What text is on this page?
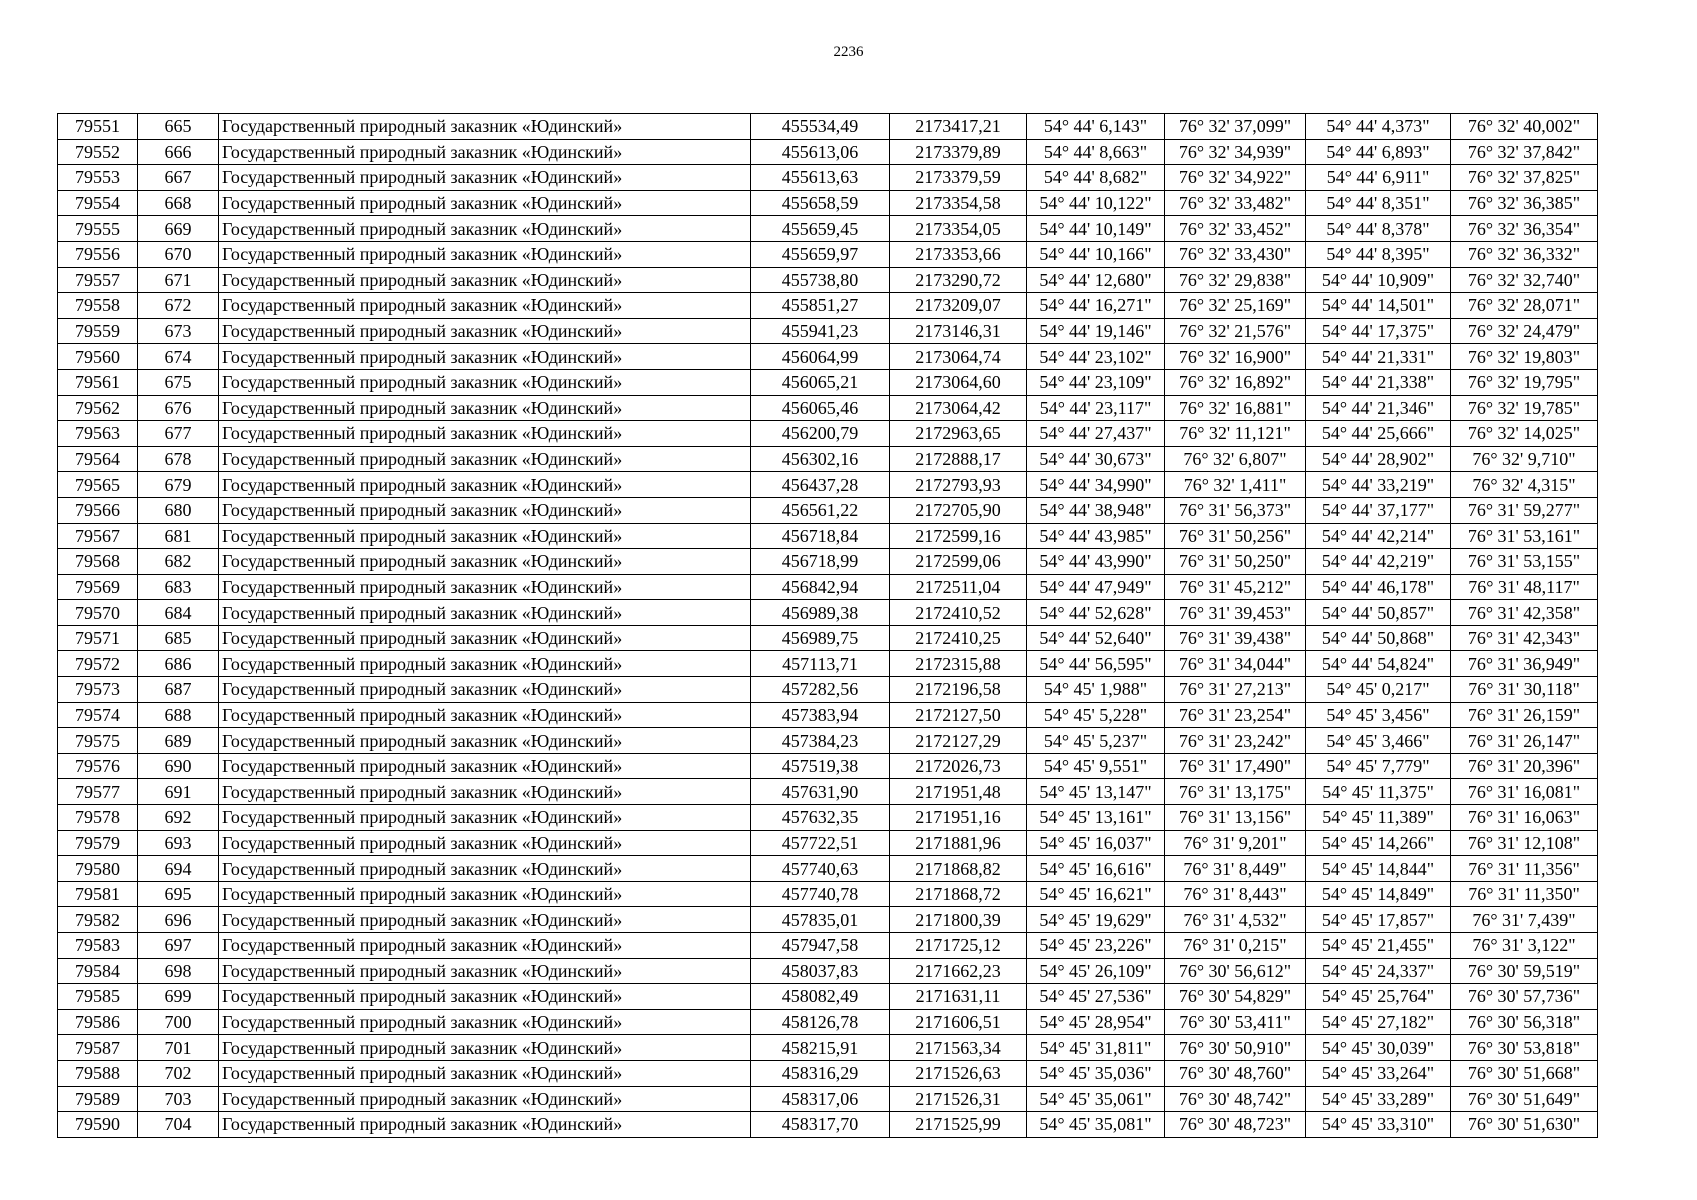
2236
79551	665	Государственный природный заказник «Юдинский»	455534,49	2173417,21	54° 44' 6,143"	76° 32' 37,099"	54° 44' 4,373"	76° 32' 40,002"
79552	666	Государственный природный заказник «Юдинский»	455613,06	2173379,89	54° 44' 8,663"	76° 32' 34,939"	54° 44' 6,893"	76° 32' 37,842"
79553	667	Государственный природный заказник «Юдинский»	455613,63	2173379,59	54° 44' 8,682"	76° 32' 34,922"	54° 44' 6,911"	76° 32' 37,825"
79554	668	Государственный природный заказник «Юдинский»	455658,59	2173354,58	54° 44' 10,122"	76° 32' 33,482"	54° 44' 8,351"	76° 32' 36,385"
79555	669	Государственный природный заказник «Юдинский»	455659,45	2173354,05	54° 44' 10,149"	76° 32' 33,452"	54° 44' 8,378"	76° 32' 36,354"
79556	670	Государственный природный заказник «Юдинский»	455659,97	2173353,66	54° 44' 10,166"	76° 32' 33,430"	54° 44' 8,395"	76° 32' 36,332"
79557	671	Государственный природный заказник «Юдинский»	455738,80	2173290,72	54° 44' 12,680"	76° 32' 29,838"	54° 44' 10,909"	76° 32' 32,740"
79558	672	Государственный природный заказник «Юдинский»	455851,27	2173209,07	54° 44' 16,271"	76° 32' 25,169"	54° 44' 14,501"	76° 32' 28,071"
79559	673	Государственный природный заказник «Юдинский»	455941,23	2173146,31	54° 44' 19,146"	76° 32' 21,576"	54° 44' 17,375"	76° 32' 24,479"
79560	674	Государственный природный заказник «Юдинский»	456064,99	2173064,74	54° 44' 23,102"	76° 32' 16,900"	54° 44' 21,331"	76° 32' 19,803"
79561	675	Государственный природный заказник «Юдинский»	456065,21	2173064,60	54° 44' 23,109"	76° 32' 16,892"	54° 44' 21,338"	76° 32' 19,795"
79562	676	Государственный природный заказник «Юдинский»	456065,46	2173064,42	54° 44' 23,117"	76° 32' 16,881"	54° 44' 21,346"	76° 32' 19,785"
79563	677	Государственный природный заказник «Юдинский»	456200,79	2172963,65	54° 44' 27,437"	76° 32' 11,121"	54° 44' 25,666"	76° 32' 14,025"
79564	678	Государственный природный заказник «Юдинский»	456302,16	2172888,17	54° 44' 30,673"	76° 32' 6,807"	54° 44' 28,902"	76° 32' 9,710"
79565	679	Государственный природный заказник «Юдинский»	456437,28	2172793,93	54° 44' 34,990"	76° 32' 1,411"	54° 44' 33,219"	76° 32' 4,315"
79566	680	Государственный природный заказник «Юдинский»	456561,22	2172705,90	54° 44' 38,948"	76° 31' 56,373"	54° 44' 37,177"	76° 31' 59,277"
79567	681	Государственный природный заказник «Юдинский»	456718,84	2172599,16	54° 44' 43,985"	76° 31' 50,256"	54° 44' 42,214"	76° 31' 53,161"
79568	682	Государственный природный заказник «Юдинский»	456718,99	2172599,06	54° 44' 43,990"	76° 31' 50,250"	54° 44' 42,219"	76° 31' 53,155"
79569	683	Государственный природный заказник «Юдинский»	456842,94	2172511,04	54° 44' 47,949"	76° 31' 45,212"	54° 44' 46,178"	76° 31' 48,117"
79570	684	Государственный природный заказник «Юдинский»	456989,38	2172410,52	54° 44' 52,628"	76° 31' 39,453"	54° 44' 50,857"	76° 31' 42,358"
79571	685	Государственный природный заказник «Юдинский»	456989,75	2172410,25	54° 44' 52,640"	76° 31' 39,438"	54° 44' 50,868"	76° 31' 42,343"
79572	686	Государственный природный заказник «Юдинский»	457113,71	2172315,88	54° 44' 56,595"	76° 31' 34,044"	54° 44' 54,824"	76° 31' 36,949"
79573	687	Государственный природный заказник «Юдинский»	457282,56	2172196,58	54° 45' 1,988"	76° 31' 27,213"	54° 45' 0,217"	76° 31' 30,118"
79574	688	Государственный природный заказник «Юдинский»	457383,94	2172127,50	54° 45' 5,228"	76° 31' 23,254"	54° 45' 3,456"	76° 31' 26,159"
79575	689	Государственный природный заказник «Юдинский»	457384,23	2172127,29	54° 45' 5,237"	76° 31' 23,242"	54° 45' 3,466"	76° 31' 26,147"
79576	690	Государственный природный заказник «Юдинский»	457519,38	2172026,73	54° 45' 9,551"	76° 31' 17,490"	54° 45' 7,779"	76° 31' 20,396"
79577	691	Государственный природный заказник «Юдинский»	457631,90	2171951,48	54° 45' 13,147"	76° 31' 13,175"	54° 45' 11,375"	76° 31' 16,081"
79578	692	Государственный природный заказник «Юдинский»	457632,35	2171951,16	54° 45' 13,161"	76° 31' 13,156"	54° 45' 11,389"	76° 31' 16,063"
79579	693	Государственный природный заказник «Юдинский»	457722,51	2171881,96	54° 45' 16,037"	76° 31' 9,201"	54° 45' 14,266"	76° 31' 12,108"
79580	694	Государственный природный заказник «Юдинский»	457740,63	2171868,82	54° 45' 16,616"	76° 31' 8,449"	54° 45' 14,844"	76° 31' 11,356"
79581	695	Государственный природный заказник «Юдинский»	457740,78	2171868,72	54° 45' 16,621"	76° 31' 8,443"	54° 45' 14,849"	76° 31' 11,350"
79582	696	Государственный природный заказник «Юдинский»	457835,01	2171800,39	54° 45' 19,629"	76° 31' 4,532"	54° 45' 17,857"	76° 31' 7,439"
79583	697	Государственный природный заказник «Юдинский»	457947,58	2171725,12	54° 45' 23,226"	76° 31' 0,215"	54° 45' 21,455"	76° 31' 3,122"
79584	698	Государственный природный заказник «Юдинский»	458037,83	2171662,23	54° 45' 26,109"	76° 30' 56,612"	54° 45' 24,337"	76° 30' 59,519"
79585	699	Государственный природный заказник «Юдинский»	458082,49	2171631,11	54° 45' 27,536"	76° 30' 54,829"	54° 45' 25,764"	76° 30' 57,736"
79586	700	Государственный природный заказник «Юдинский»	458126,78	2171606,51	54° 45' 28,954"	76° 30' 53,411"	54° 45' 27,182"	76° 30' 56,318"
79587	701	Государственный природный заказник «Юдинский»	458215,91	2171563,34	54° 45' 31,811"	76° 30' 50,910"	54° 45' 30,039"	76° 30' 53,818"
79588	702	Государственный природный заказник «Юдинский»	458316,29	2171526,63	54° 45' 35,036"	76° 30' 48,760"	54° 45' 33,264"	76° 30' 51,668"
79589	703	Государственный природный заказник «Юдинский»	458317,06	2171526,31	54° 45' 35,061"	76° 30' 48,742"	54° 45' 33,289"	76° 30' 51,649"
79590	704	Государственный природный заказник «Юдинский»	458317,70	2171525,99	54° 45' 35,081"	76° 30' 48,723"	54° 45' 33,310"	76° 30' 51,630"
